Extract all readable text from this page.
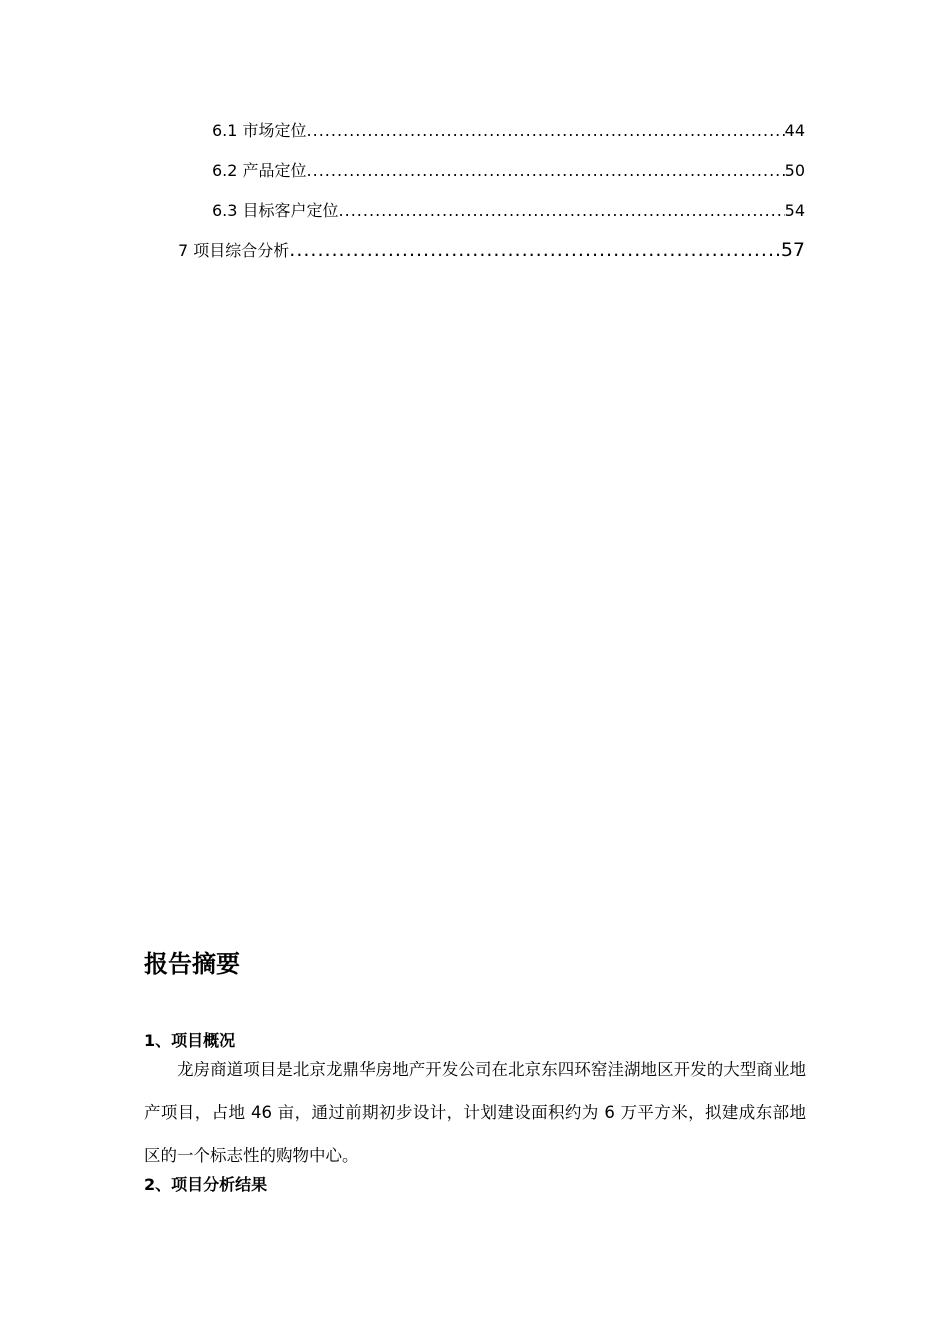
6.1 市场定位 .....	44
6.2 产品定位 .....	50
6.3 目标客户定位 .....	54
7 项目综合分析 .....	57
报告摘要
1、项目概况

龙房商道项目是北京龙鼎华房地产开发公司在北京东四环窑洼湖地区开发的大型商业地产项目，占地 46 亩，通过前期初步设计，计划建设面积约为 6 万平方米，拟建成东部地区的一个标志性的购物中心。

2、项目分析结果
